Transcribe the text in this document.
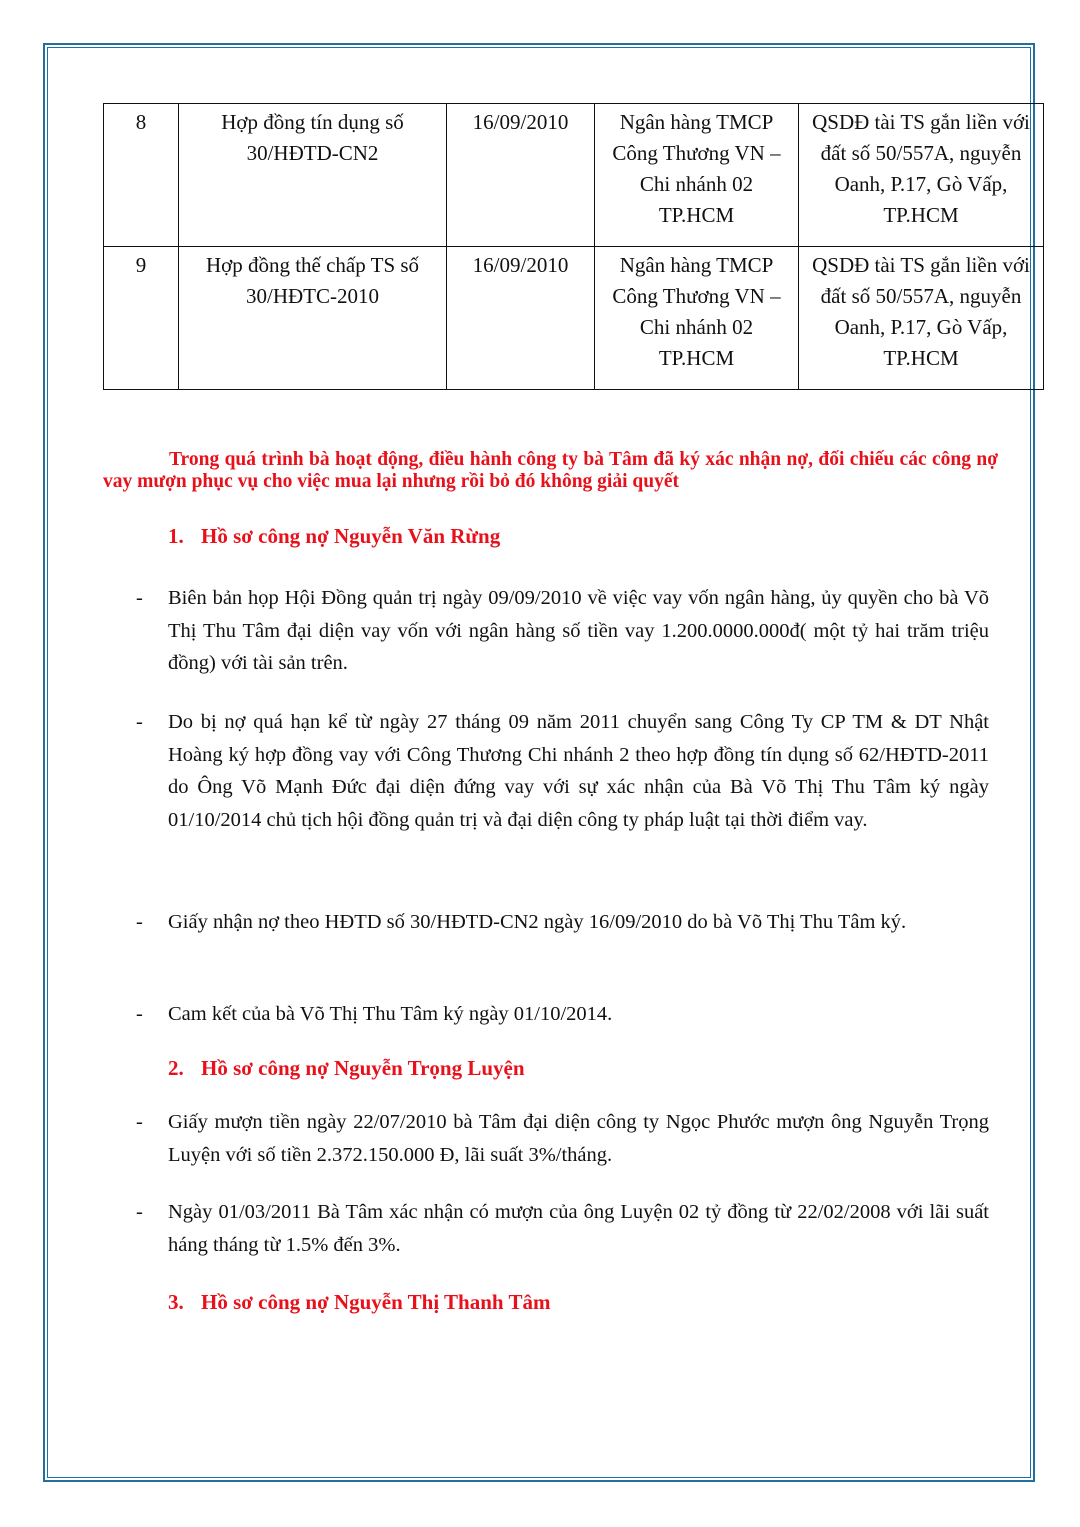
8	Hợp đồng tín dụng số 30/HĐTD-CN2	16/09/2010	Ngân hàng TMCP Công Thương VN – Chi nhánh 02 TP.HCM	QSDĐ tài TS gắn liền với đất số 50/557A, nguyễn Oanh, P.17, Gò Vấp, TP.HCM
9	Hợp đồng thế chấp TS số 30/HĐTC-2010	16/09/2010	Ngân hàng TMCP Công Thương VN – Chi nhánh 02 TP.HCM	QSDĐ tài TS gắn liền với đất số 50/557A, nguyễn Oanh, P.17, Gò Vấp, TP.HCM
Trong quá trình bà hoạt động, điều hành công ty bà Tâm đã ký xác nhận nợ, đối chiếu các công nợ vay mượn phục vụ cho việc mua lại nhưng rồi bỏ đó không giải quyết
1. Hồ sơ công nợ Nguyễn Văn Rừng
- Biên bản họp Hội Đồng quản trị ngày 09/09/2010 về việc vay vốn ngân hàng, ủy quyền cho bà Võ Thị Thu Tâm đại diện vay vốn với ngân hàng số tiền vay 1.200.0000.000đ( một tỷ hai trăm triệu đồng) với tài sản trên.
- Do bị nợ quá hạn kể từ ngày 27 tháng 09 năm 2011 chuyển sang Công Ty CP TM & DT Nhật Hoàng ký hợp đồng vay với Công Thương Chi nhánh 2 theo hợp đồng tín dụng số 62/HĐTD-2011 do Ông Võ Mạnh Đức đại diện đứng vay với sự xác nhận của Bà Võ Thị Thu Tâm ký ngày 01/10/2014 chủ tịch hội đồng quản trị và đại diện công ty pháp luật tại thời điểm vay.
- Giấy nhận nợ theo HĐTD số 30/HĐTD-CN2 ngày 16/09/2010 do bà Võ Thị Thu Tâm ký.
- Cam kết của bà Võ Thị Thu Tâm ký ngày 01/10/2014.
2. Hồ sơ công nợ Nguyễn Trọng Luyện
- Giấy mượn tiền ngày 22/07/2010 bà Tâm đại diện công ty Ngọc Phước mượn ông Nguyễn Trọng Luyện với số tiền 2.372.150.000 Đ, lãi suất 3%/tháng.
- Ngày 01/03/2011 Bà Tâm xác nhận có mượn của ông Luyện 02 tỷ đồng từ 22/02/2008 với lãi suất háng tháng từ 1.5% đến 3%.
3. Hồ sơ công nợ Nguyễn Thị Thanh Tâm
